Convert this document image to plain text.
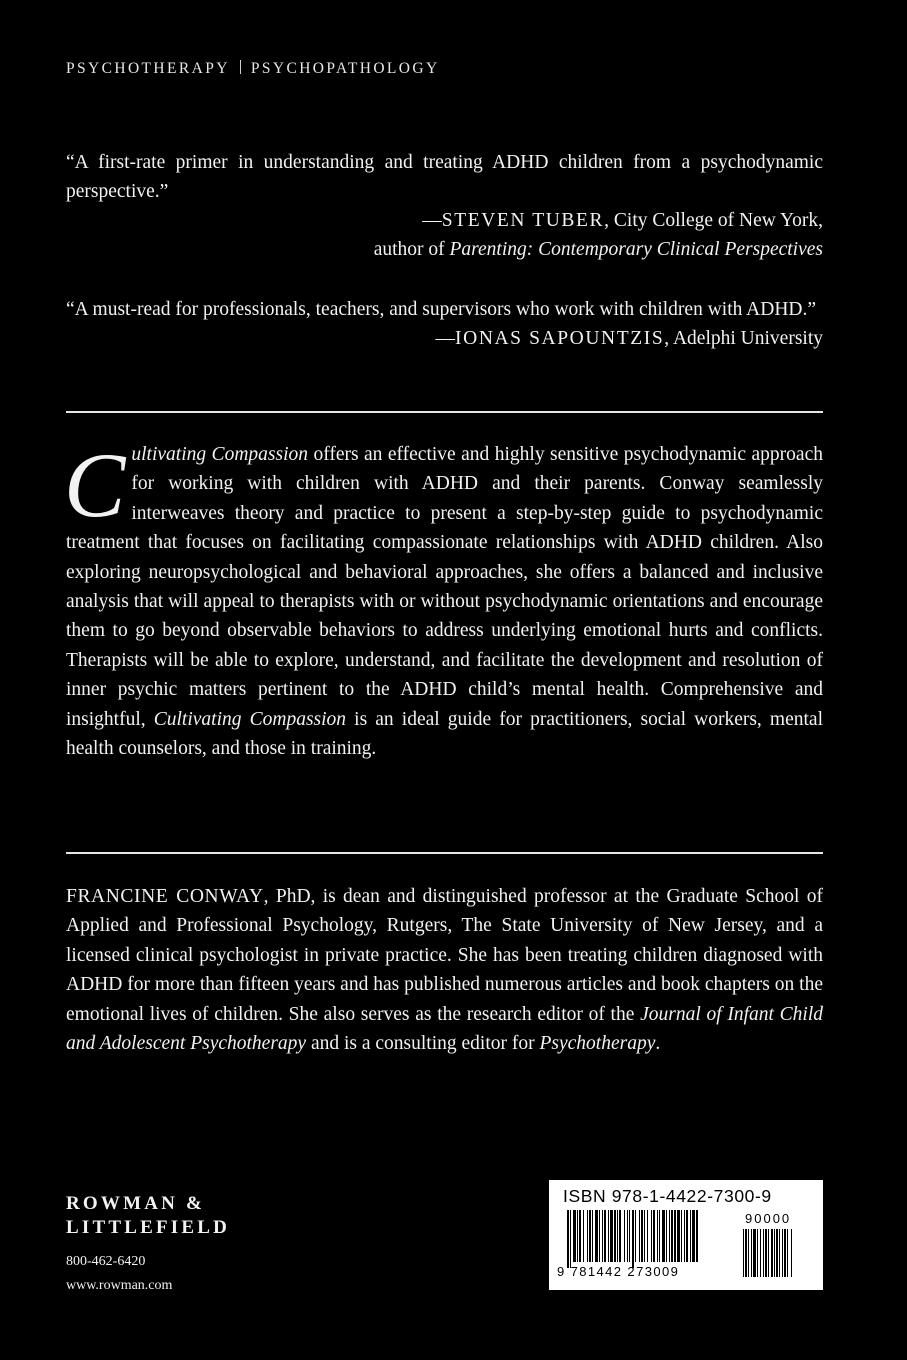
PSYCHOTHERAPY PSYCHOPATHOLOGY

“A first-rate primer in understanding and treating ADHD children from a psychodynamic perspective.”

—STEVEN TUBER, City College of New York,
author of Parenting: Contemporary Clinical Perspectives

“A must-read for professionals, teachers, and supervisors who work with children with ADHD.”

—IONAS SAPOUNTZIS, Adelphi University

Cultivating Compassion offers an effective and highly sensitive psychodynamic approach for working with children with ADHD and their parents. Conway seamlessly interweaves theory and practice to present a step-by-step guide to psychodynamic treatment that focuses on facilitating compassionate relationships with ADHD children. Also exploring neuropsychological and behavioral approaches, she offers a balanced and inclusive analysis that will appeal to therapists with or without psychodynamic orientations and encourage them to go beyond observable behaviors to address underlying emotional hurts and conflicts. Therapists will be able to explore, understand, and facilitate the development and resolution of inner psychic matters pertinent to the ADHD child’s mental health. Comprehensive and insightful, Cultivating Compassion is an ideal guide for practitioners, social workers, mental health counselors, and those in training.

FRANCINE CONWAY, PhD, is dean and distinguished professor at the Graduate School of Applied and Professional Psychology, Rutgers, The State University of New Jersey, and a licensed clinical psychologist in private practice. She has been treating children diagnosed with ADHD for more than fifteen years and has published numerous articles and book chapters on the emotional lives of children. She also serves as the research editor of the Journal of Infant Child and Adolescent Psychotherapy and is a consulting editor for Psychotherapy.

ROWMAN &
LITTLEFIELD
800-462-6420
www.rowman.com
ISBN 978-1-4422-7300-9
90000
9 781442 273009
